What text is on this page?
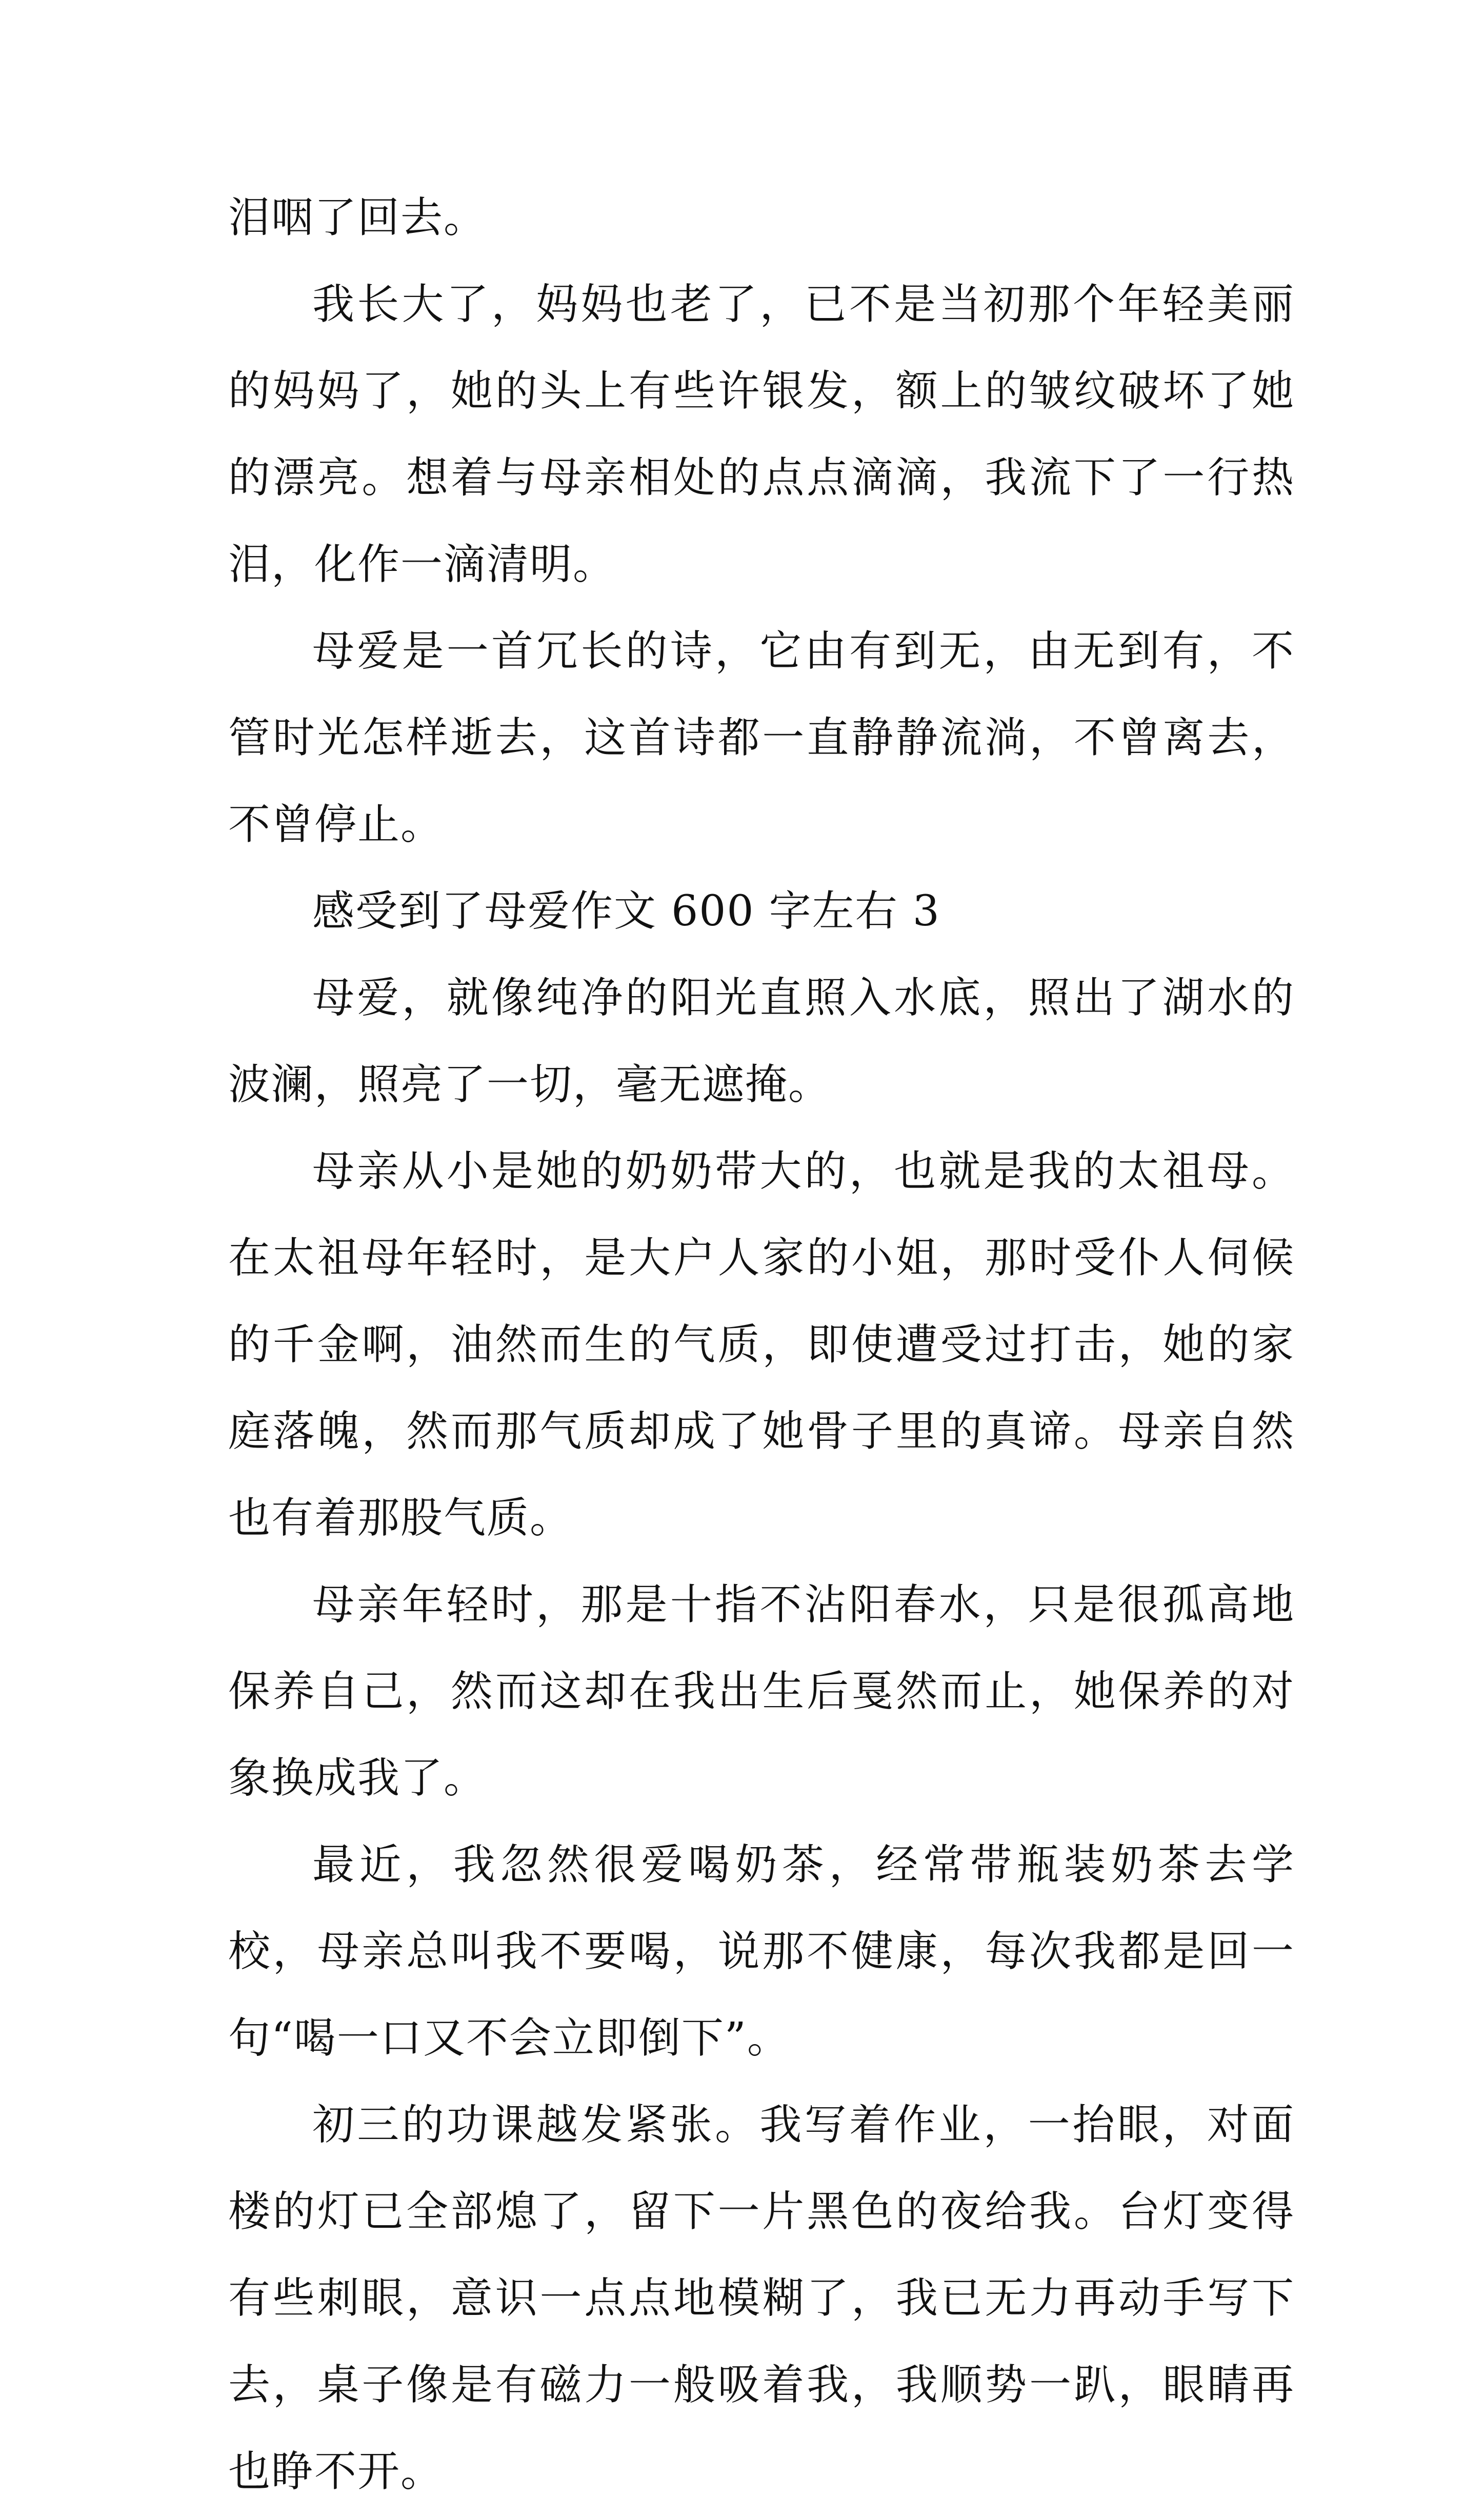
泪咽了回去。

我长大了，妈妈也老了，已不是当初那个年轻美丽的妈妈了，她的头上有些许银发，额上的皱纹破坏了她的漂亮。想着与母亲相处的点点滴滴，我流下了一行热泪，化作一滴清明。

母爱是一首冗长的诗，它由有到无，由无到有，不管时光怎样逝去，这首诗都一直静静流淌，不曾离去，不曾停止。

感受到了母爱作文 600 字左右 3

母爱，就像纯净的阳光直照入水底，照出了湖水的波澜，照亮了一切，毫无遮掩。

母亲从小是她的奶奶带大的，也就是我的太祖母。在太祖母年轻时，是大户人家的小姐，那时受仆人伺候的千金啊，油然而生的气质，即使遭受过打击，她的家庭落魄，然而那气质却成了她骨子里的真谛。母亲自然也有着那股气质。

母亲年轻时，那是十指不沾阳春水，只是很孤高地保养自己，然而这却在我出生后戛然而止，她保养的对象换成我了。

最近，我忽然很爱喝奶茶，经常带瓶装奶茶去学校，母亲总叫我不要喝，说那不健康，每次我都是回一句“喝一口又不会立即倒下”。

初三的功课越发紧张。我写着作业，一抬眼，对面楼的灯已全部熄了，留下一片黑色的夜给我。台灯变得有些刺眼，意识一点点地模糊了，我已无力再动手写下去，桌子像是有磁力一般吸着我，我顺势一趴，眼睛再也睁不开。
